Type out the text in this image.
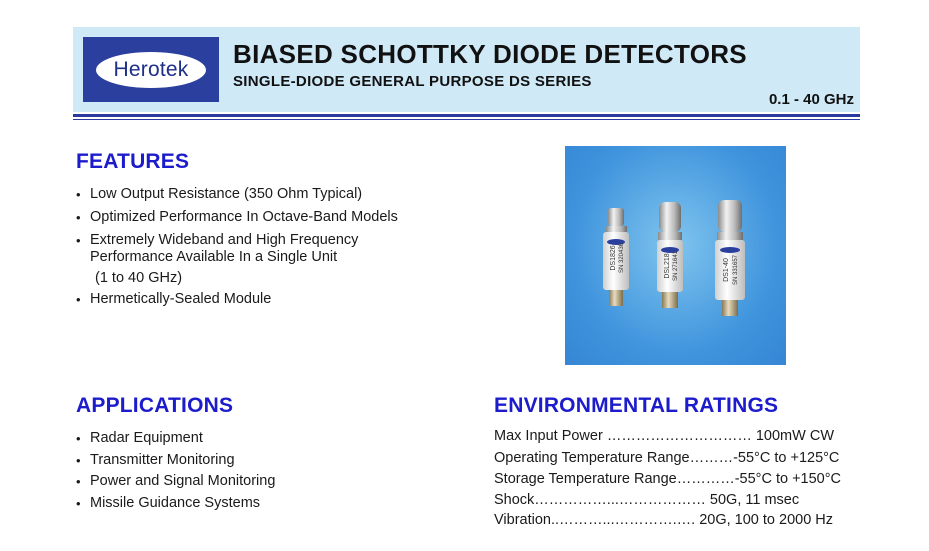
Herotek
BIASED SCHOTTKY DIODE DETECTORS
SINGLE-DIODE GENERAL PURPOSE DS SERIES
0.1 - 40 GHz
FEATURES
• Low Output Resistance (350 Ohm Typical)
• Optimized Performance In Octave-Band Models
• Extremely Wideband and High Frequency
Performance Available In a Single Unit
(1 to 40 GHz)
• Hermetically-Sealed Module
DS1826 SN 320436	DSL218 SN 271641	DS1-40 SN 331657
APPLICATIONS
• Radar Equipment
• Transmitter Monitoring
• Power and Signal Monitoring
• Missile Guidance Systems
ENVIRONMENTAL RATINGS
Max Input Power ………………………… 100mW CW
Operating Temperature Range………-55°C to +125°C
Storage Temperature Range…………-55°C to +150°C
Shock……………...……………… 50G, 11 msec
Vibration..………...………….…. 20G, 100 to 2000 Hz
